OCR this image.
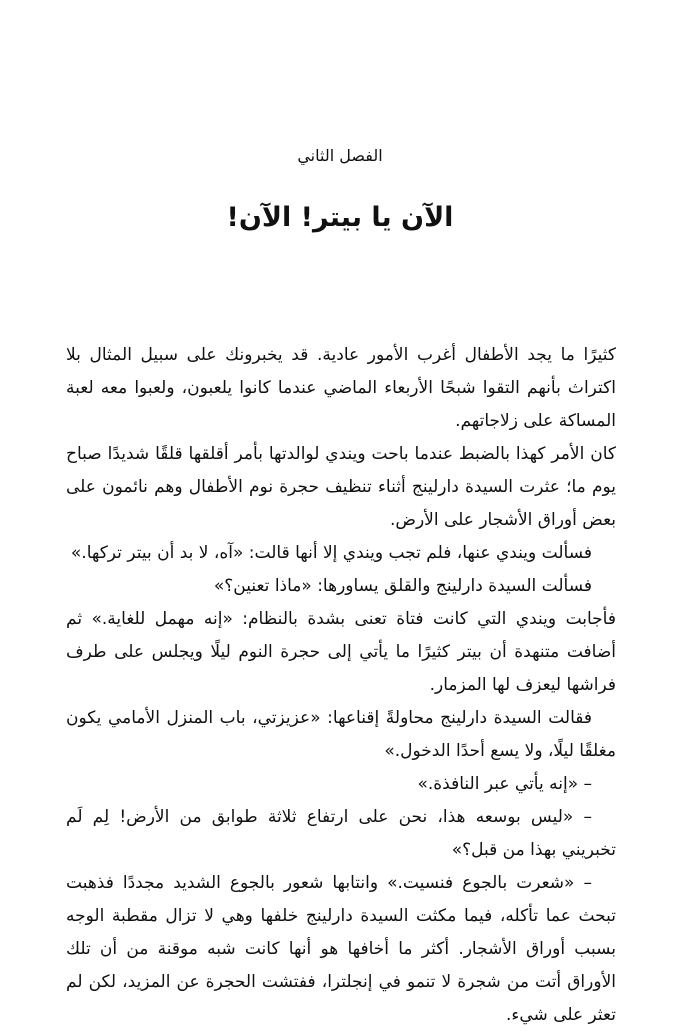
الفصل الثاني
الآن يا بيتر! الآن!

كثيرًا ما يجد الأطفال أغرب الأمور عادية. قد يخبرونك على سبيل المثال بلا اكتراث بأنهم التقوا شبحًا الأربعاء الماضي عندما كانوا يلعبون، ولعبوا معه لعبة المساكة على زلاجاتهم.

كان الأمر كهذا بالضبط عندما باحت ويندي لوالدتها بأمر أقلقها قلقًا شديدًا صباح يوم ما؛ عثرت السيدة دارلينج أثناء تنظيف حجرة نوم الأطفال وهم نائمون على بعض أوراق الأشجار على الأرض.

فسألت ويندي عنها، فلم تجب ويندي إلا أنها قالت: «آه، لا بد أن بيتر تركها.»

فسألت السيدة دارلينج والقلق يساورها: «ماذا تعنين؟»

فأجابت ويندي التي كانت فتاة تعنى بشدة بالنظام: «إنه مهمل للغاية.» ثم أضافت متنهدة أن بيتر كثيرًا ما يأتي إلى حجرة النوم ليلًا ويجلس على طرف فراشها ليعزف لها المزمار.

فقالت السيدة دارلينج محاولةً إقناعها: «عزيزتي، باب المنزل الأمامي يكون مغلقًا ليلًا، ولا يسع أحدًا الدخول.»

– «إنه يأتي عبر النافذة.»

– «ليس بوسعه هذا، نحن على ارتفاع ثلاثة طوابق من الأرض! لِم لَم تخبريني بهذا من قبل؟»

– «شعرت بالجوع فنسيت.» وانتابها شعور بالجوع الشديد مجددًا فذهبت تبحث عما تأكله، فيما مكثت السيدة دارلينج خلفها وهي لا تزال مقطبة الوجه بسبب أوراق الأشجار. أكثر ما أخافها هو أنها كانت شبه موقنة من أن تلك الأوراق أتت من شجرة لا تنمو في إنجلترا، ففتشت الحجرة عن المزيد، لكن لم تعثر على شيء.
